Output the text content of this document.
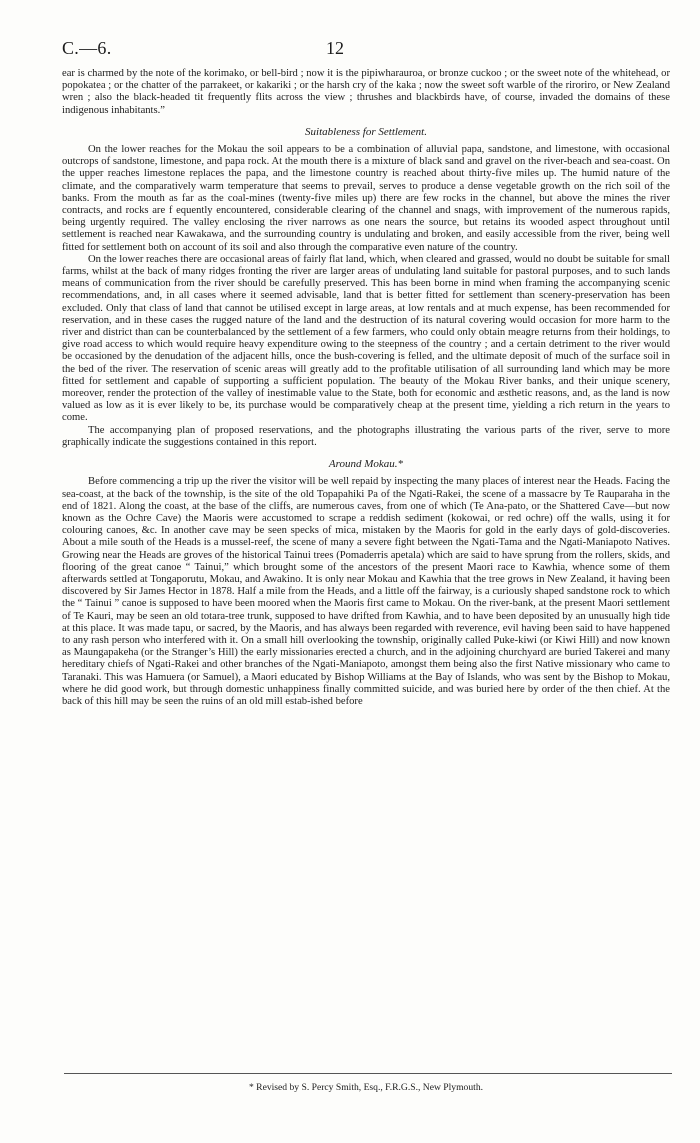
C.—6.	12

ear is charmed by the note of the korimako, or bell-bird ; now it is the pipiwharauroa, or bronze cuckoo ; or the sweet note of the whitehead, or popokatea ; or the chatter of the parrakeet, or kakariki ; or the harsh cry of the kaka ; now the sweet soft warble of the riroriro, or New Zealand wren ; also the black-headed tit frequently flits across the view ; thrushes and blackbirds have, of course, invaded the domains of these indigenous inhabitants.”

Suitableness for Settlement.

On the lower reaches for the Mokau the soil appears to be a combination of alluvial papa, sandstone, and limestone, with occasional outcrops of sandstone, limestone, and papa rock. At the mouth there is a mixture of black sand and gravel on the river-beach and sea-coast. On the upper reaches limestone replaces the papa, and the limestone country is reached about thirty-five miles up. The humid nature of the climate, and the comparatively warm temperature that seems to prevail, serves to produce a dense vegetable growth on the rich soil of the banks. From the mouth as far as the coal-mines (twenty-five miles up) there are few rocks in the channel, but above the mines the river contracts, and rocks are f equently encountered, considerable clearing of the channel and snags, with improvement of the numerous rapids, being urgently required. The valley enclosing the river narrows as one nears the source, but retains its wooded aspect throughout until settlement is reached near Kawakawa, and the surrounding country is undulating and broken, and easily accessible from the river, being well fitted for settlement both on account of its soil and also through the comparative even nature of the country.

On the lower reaches there are occasional areas of fairly flat land, which, when cleared and grassed, would no doubt be suitable for small farms, whilst at the back of many ridges fronting the river are larger areas of undulating land suitable for pastoral purposes, and to such lands means of communication from the river should be carefully preserved. This has been borne in mind when framing the accompanying scenic recommendations, and, in all cases where it seemed advisable, land that is better fitted for settlement than scenery-preservation has been excluded. Only that class of land that cannot be utilised except in large areas, at low rentals and at much expense, has been recommended for reservation, and in these cases the rugged nature of the land and the destruction of its natural covering would occasion for more harm to the river and district than can be counterbalanced by the settlement of a few farmers, who could only obtain meagre returns from their holdings, to give road access to which would require heavy expenditure owing to the steepness of the country ; and a certain detriment to the river would be occasioned by the denudation of the adjacent hills, once the bush-covering is felled, and the ultimate deposit of much of the surface soil in the bed of the river. The reservation of scenic areas will greatly add to the profitable utilisation of all surrounding land which may be more fitted for settlement and capable of supporting a sufficient population. The beauty of the Mokau River banks, and their unique scenery, moreover, render the protection of the valley of inestimable value to the State, both for economic and æsthetic reasons, and, as the land is now valued as low as it is ever likely to be, its purchase would be comparatively cheap at the present time, yielding a rich return in the years to come.

The accompanying plan of proposed reservations, and the photographs illustrating the various parts of the river, serve to more graphically indicate the suggestions contained in this report.

Around Mokau.*

Before commencing a trip up the river the visitor will be well repaid by inspecting the many places of interest near the Heads. Facing the sea-coast, at the back of the township, is the site of the old Topapahiki Pa of the Ngati-Rakei, the scene of a massacre by Te Rauparaha in the end of 1821. Along the coast, at the base of the cliffs, are numerous caves, from one of which (Te Ana-pato, or the Shattered Cave—but now known as the Ochre Cave) the Maoris were accustomed to scrape a reddish sediment (kokowai, or red ochre) off the walls, using it for colouring canoes, &c. In another cave may be seen specks of mica, mistaken by the Maoris for gold in the early days of gold-discoveries. About a mile south of the Heads is a mussel-reef, the scene of many a severe fight between the Ngati-Tama and the Ngati-Maniapoto Natives. Growing near the Heads are groves of the historical Tainui trees (Pomaderris apetala) which are said to have sprung from the rollers, skids, and flooring of the great canoe “ Tainui,” which brought some of the ancestors of the present Maori race to Kawhia, whence some of them afterwards settled at Tongaporutu, Mokau, and Awakino. It is only near Mokau and Kawhia that the tree grows in New Zealand, it having been discovered by Sir James Hector in 1878. Half a mile from the Heads, and a little off the fairway, is a curiously shaped sandstone rock to which the “ Tainui ” canoe is supposed to have been moored when the Maoris first came to Mokau. On the river-bank, at the present Maori settlement of Te Kauri, may be seen an old totara-tree trunk, supposed to have drifted from Kawhia, and to have been deposited by an unusually high tide at this place. It was made tapu, or sacred, by the Maoris, and has always been regarded with reverence, evil having been said to have happened to any rash person who interfered with it. On a small hill overlooking the township, originally called Puke-kiwi (or Kiwi Hill) and now known as Maungapakeha (or the Stranger’s Hill) the early missionaries erected a church, and in the adjoining churchyard are buried Takerei and many hereditary chiefs of Ngati-Rakei and other branches of the Ngati-Maniapoto, amongst them being also the first Native missionary who came to Taranaki. This was Hamuera (or Samuel), a Maori educated by Bishop Williams at the Bay of Islands, who was sent by the Bishop to Mokau, where he did good work, but through domestic unhappiness finally committed suicide, and was buried here by order of the then chief. At the back of this hill may be seen the ruins of an old mill estab-ished before

* Revised by S. Percy Smith, Esq., F.R.G.S., New Plymouth.
